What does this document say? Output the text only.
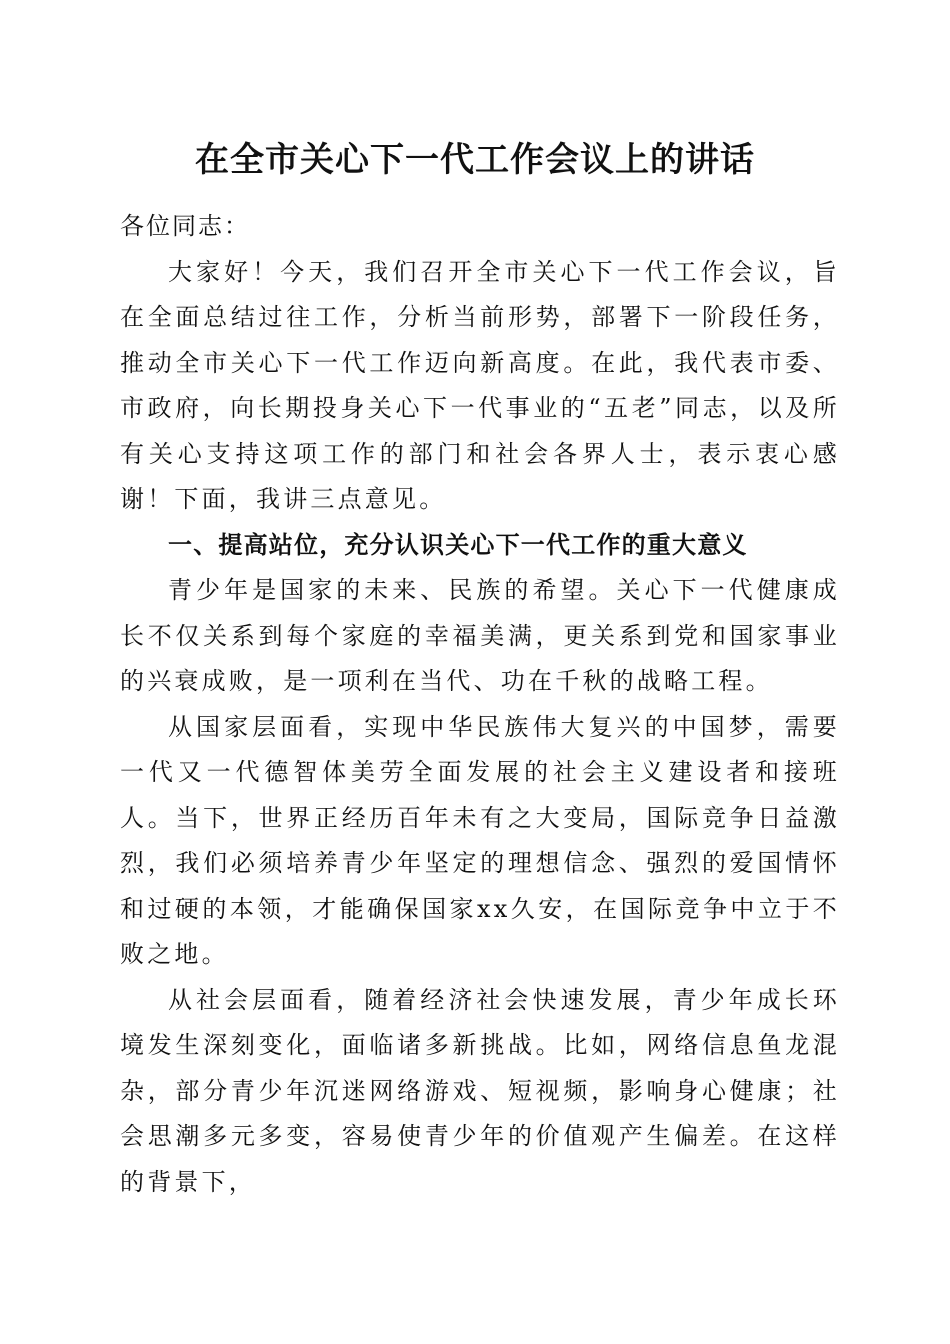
在全市关心下一代工作会议上的讲话

各位同志：

大家好！今天，我们召开全市关心下一代工作会议，旨在全面总结过往工作，分析当前形势，部署下一阶段任务，推动全市关心下一代工作迈向新高度。在此，我代表市委、市政府，向长期投身关心下一代事业的“五老”同志，以及所有关心支持这项工作的部门和社会各界人士，表示衷心感谢！下面，我讲三点意见。

一、提高站位，充分认识关心下一代工作的重大意义

青少年是国家的未来、民族的希望。关心下一代健康成长不仅关系到每个家庭的幸福美满，更关系到党和国家事业的兴衰成败，是一项利在当代、功在千秋的战略工程。

从国家层面看，实现中华民族伟大复兴的中国梦，需要一代又一代德智体美劳全面发展的社会主义建设者和接班人。当下，世界正经历百年未有之大变局，国际竞争日益激烈，我们必须培养青少年坚定的理想信念、强烈的爱国情怀和过硬的本领，才能确保国家xx久安，在国际竞争中立于不败之地。

从社会层面看，随着经济社会快速发展，青少年成长环境发生深刻变化，面临诸多新挑战。比如，网络信息鱼龙混杂，部分青少年沉迷网络游戏、短视频，影响身心健康；社会思潮多元多变，容易使青少年的价值观产生偏差。在这样的背景下，
